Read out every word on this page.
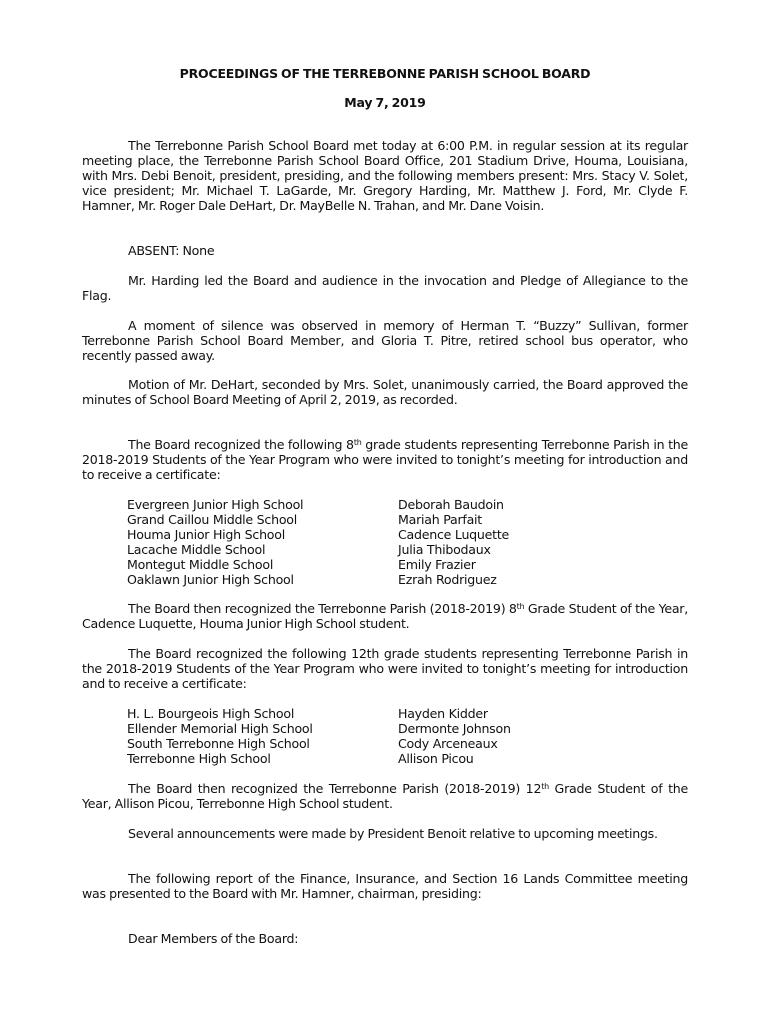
PROCEEDINGS OF THE TERREBONNE PARISH SCHOOL BOARD
May 7, 2019

The Terrebonne Parish School Board met today at 6:00 P.M. in regular session at its regular meeting place, the Terrebonne Parish School Board Office, 201 Stadium Drive, Houma, Louisiana, with Mrs. Debi Benoit, president, presiding, and the following members present: Mrs. Stacy V. Solet, vice president; Mr. Michael T. LaGarde, Mr. Gregory Harding, Mr. Matthew J. Ford, Mr. Clyde F. Hamner, Mr. Roger Dale DeHart, Dr. MayBelle N. Trahan, and Mr. Dane Voisin.

ABSENT: None

Mr. Harding led the Board and audience in the invocation and Pledge of Allegiance to the Flag.

A moment of silence was observed in memory of Herman T. “Buzzy” Sullivan, former Terrebonne Parish School Board Member, and Gloria T. Pitre, retired school bus operator, who recently passed away.

Motion of Mr. DeHart, seconded by Mrs. Solet, unanimously carried, the Board approved the minutes of School Board Meeting of April 2, 2019, as recorded.

The Board recognized the following 8th grade students representing Terrebonne Parish in the 2018-2019 Students of the Year Program who were invited to tonight’s meeting for introduction and to receive a certificate:

Evergreen Junior High School	Deborah Baudoin
Grand Caillou Middle School	Mariah Parfait
Houma Junior High School	Cadence Luquette
Lacache Middle School	Julia Thibodaux
Montegut Middle School	Emily Frazier
Oaklawn Junior High School	Ezrah Rodriguez

The Board then recognized the Terrebonne Parish (2018-2019) 8th Grade Student of the Year, Cadence Luquette, Houma Junior High School student.

The Board recognized the following 12th grade students representing Terrebonne Parish in the 2018-2019 Students of the Year Program who were invited to tonight’s meeting for introduction and to receive a certificate:

H. L. Bourgeois High School	Hayden Kidder
Ellender Memorial High School	Dermonte Johnson
South Terrebonne High School	Cody Arceneaux
Terrebonne High School	Allison Picou

The Board then recognized the Terrebonne Parish (2018-2019) 12th Grade Student of the Year, Allison Picou, Terrebonne High School student.

Several announcements were made by President Benoit relative to upcoming meetings.

The following report of the Finance, Insurance, and Section 16 Lands Committee meeting was presented to the Board with Mr. Hamner, chairman, presiding:

Dear Members of the Board:
